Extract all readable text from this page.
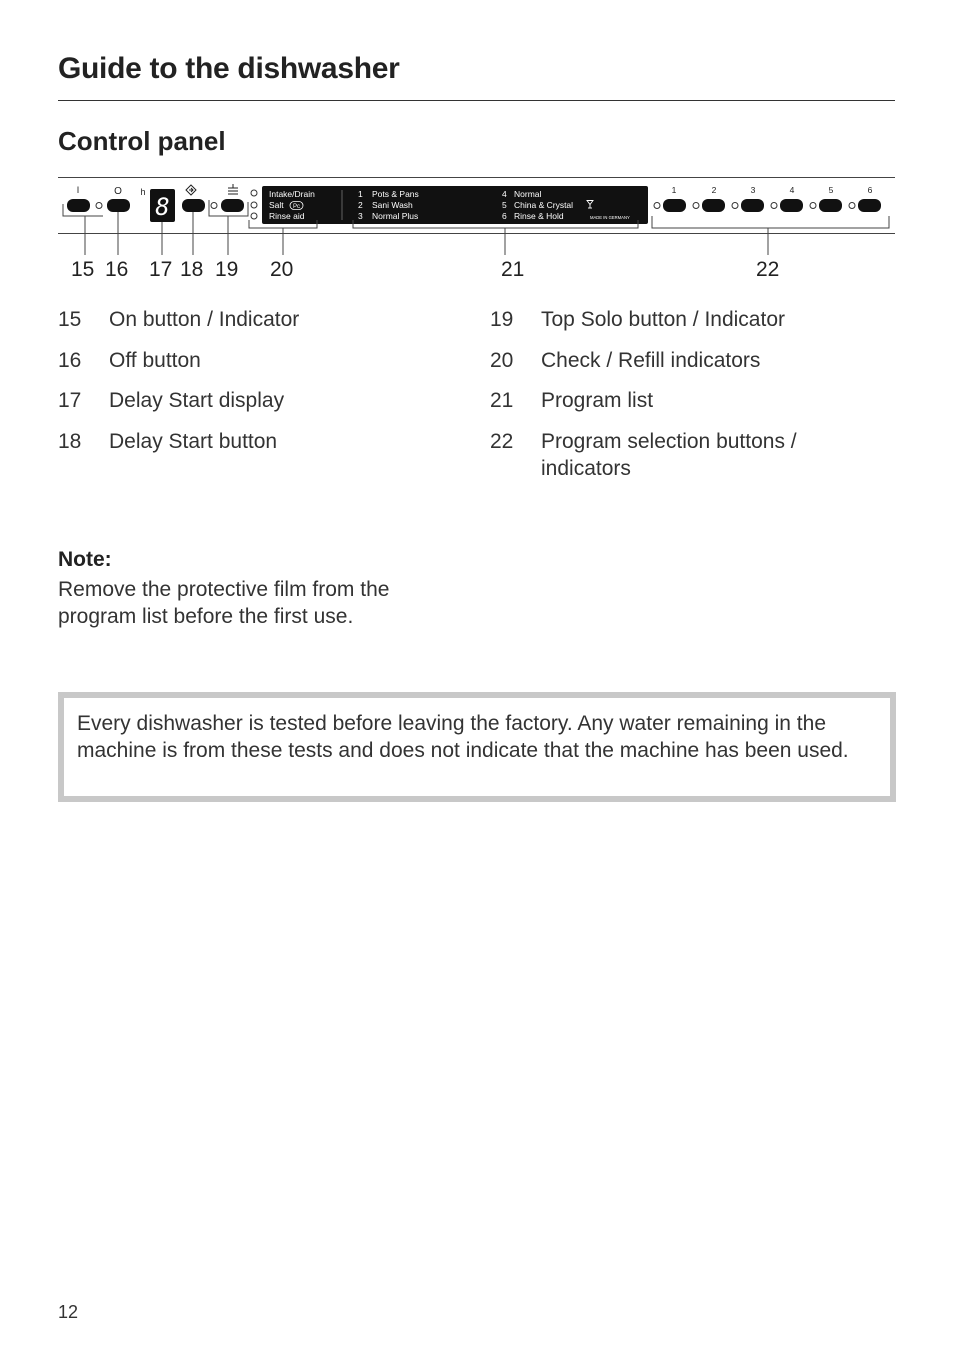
Guide to the dishwasher
Control panel
I	O h
8	Intake/Drain
Salt Pc
Rinse aid
1 Pots & Pans
2 Sani Wash
3 Normal Plus
4 Normal
5 China & Crystal
6 Rinse & Hold	MADE IN GERMANY
1	2	3	4	5	6
15 16 17 18 19 20	21	22
15 On button / Indicator
16 Off button
17 Delay Start display
18 Delay Start button
19 Top Solo button / Indicator
20 Check / Refill indicators
21 Program list
22 Program selection buttons / indicators
Note:
Remove the protective film from the program list before the first use.
Every dishwasher is tested before leaving the factory. Any water remaining in the machine is from these tests and does not indicate that the machine has been used.
12
